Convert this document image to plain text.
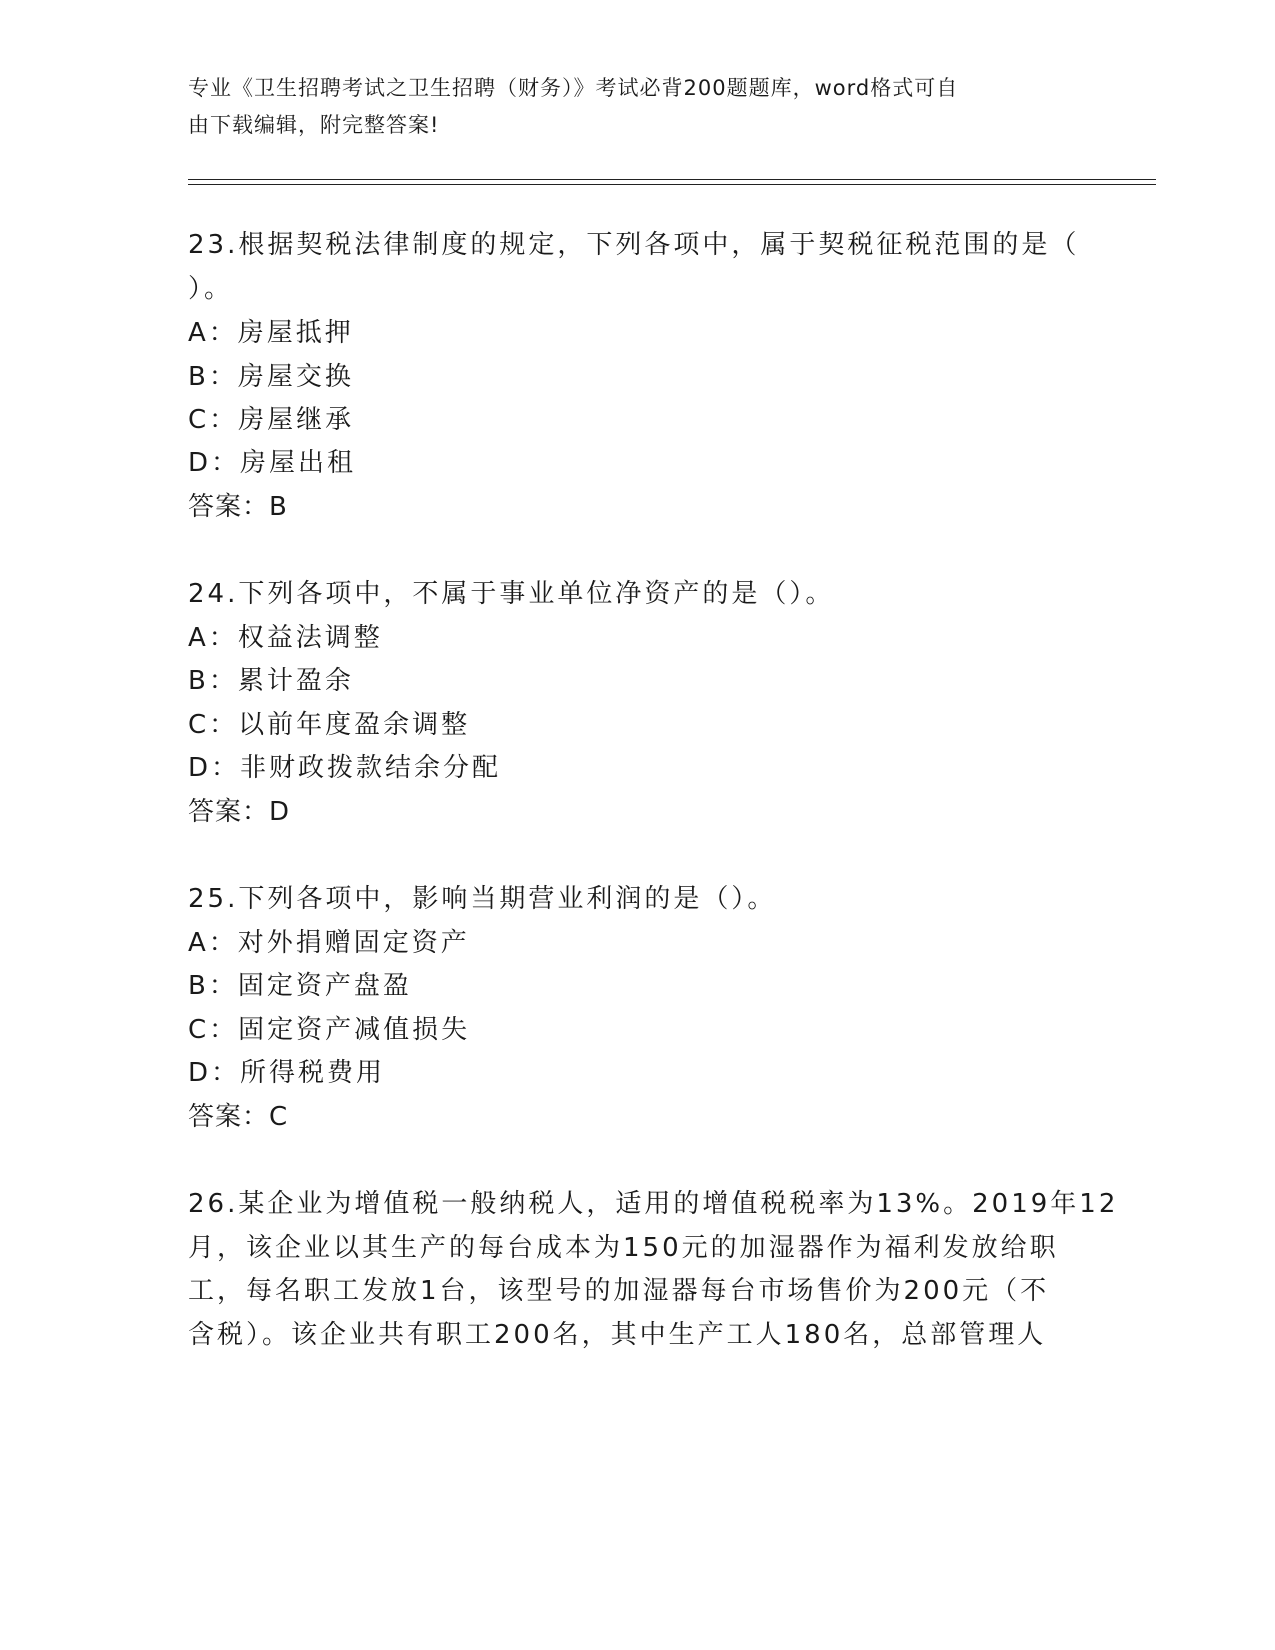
专业《卫生招聘考试之卫生招聘（财务）》考试必背200题题库，word格式可自
由下载编辑，附完整答案!
23.根据契税法律制度的规定，下列各项中，属于契税征税范围的是（
）。
A：房屋抵押
B：房屋交换
C：房屋继承
D：房屋出租
答案：B
24.下列各项中，不属于事业单位净资产的是（）。
A：权益法调整
B：累计盈余
C：以前年度盈余调整
D：非财政拨款结余分配
答案：D
25.下列各项中，影响当期营业利润的是（）。
A：对外捐赠固定资产
B：固定资产盘盈
C：固定资产减值损失
D：所得税费用
答案：C
26.某企业为增值税一般纳税人，适用的增值税税率为13%。2019年12
月，该企业以其生产的每台成本为150元的加湿器作为福利发放给职
工，每名职工发放1台，该型号的加湿器每台市场售价为200元（不
含税）。该企业共有职工200名，其中生产工人180名，总部管理人
